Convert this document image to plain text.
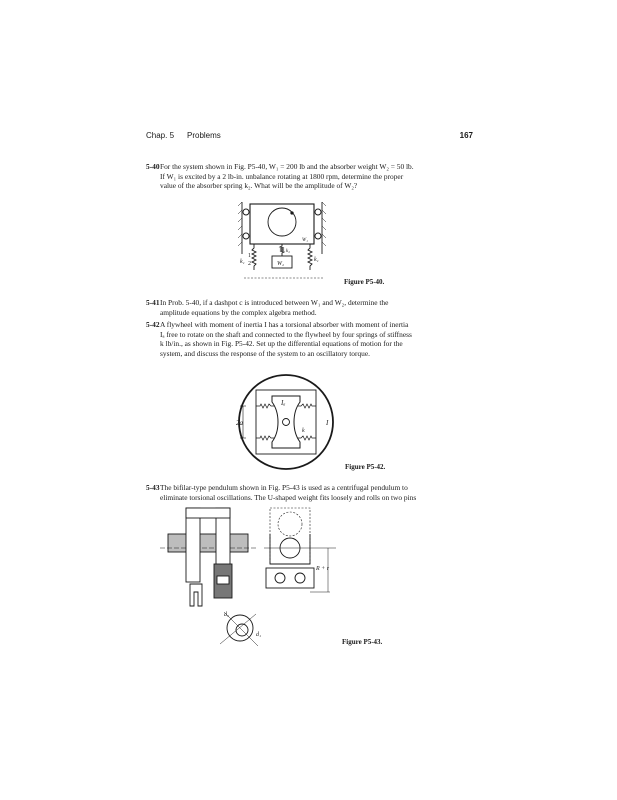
Chap. 5 Problems	167
5-40 For the system shown in Fig. P5-40, W₁ = 200 lb and the absorber weight W₂ = 50 lb.
If W₁ is excited by a 2 lb-in. unbalance rotating at 1800 rpm, determine the proper
value of the absorber spring k₂. What will be the amplitude of W₂?
1
2
k₁	k₁
k₂
W₁
W₂
Figure P5-40.
5-41 In Prob. 5-40, if a dashpot c is introduced between W₁ and W₂, determine the
amplitude equations by the complex algebra method.
5-42 A flywheel with moment of inertia I has a torsional absorber with moment of inertia
Iₐ free to rotate on the shaft and connected to the flywheel by four springs of stiffness
k lb/in., as shown in Fig. P5-42. Set up the differential equations of motion for the
system, and discuss the response of the system to an oscillatory torque.
2a
Iₐ
I
k
Figure P5-42.
5-43 The bifilar-type pendulum shown in Fig. P5-43 is used as a centrifugal pendulum to
eliminate torsional oscillations. The U-shaped weight fits loosely and rolls on two pins
R + r
d₂
d₁
Figure P5-43.
